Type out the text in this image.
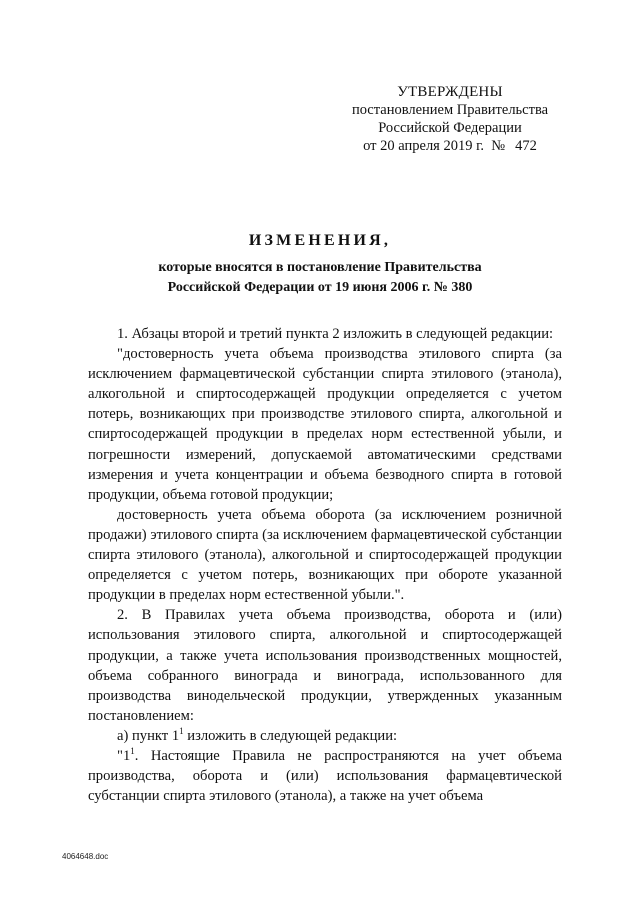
УТВЕРЖДЕНЫ
постановлением Правительства
Российской Федерации
от 20 апреля 2019 г. № 472
ИЗМЕНЕНИЯ,
которые вносятся в постановление Правительства
Российской Федерации от 19 июня 2006 г. № 380

1. Абзацы второй и третий пункта 2 изложить в следующей редакции:

"достоверность учета объема производства этилового спирта (за исключением фармацевтической субстанции спирта этилового (этанола), алкогольной и спиртосодержащей продукции определяется с учетом потерь, возникающих при производстве этилового спирта, алкогольной и спиртосодержащей продукции в пределах норм естественной убыли, и погрешности измерений, допускаемой автоматическими средствами измерения и учета концентрации и объема безводного спирта в готовой продукции, объема готовой продукции;

достоверность учета объема оборота (за исключением розничной продажи) этилового спирта (за исключением фармацевтической субстанции спирта этилового (этанола), алкогольной и спиртосодержащей продукции определяется с учетом потерь, возникающих при обороте указанной продукции в пределах норм естественной убыли.".

2. В Правилах учета объема производства, оборота и (или) использования этилового спирта, алкогольной и спиртосодержащей продукции, а также учета использования производственных мощностей, объема собранного винограда и винограда, использованного для производства винодельческой продукции, утвержденных указанным постановлением:

а) пункт $1^1$ изложить в следующей редакции:

"$1^1$. Настоящие Правила не распространяются на учет объема производства, оборота и (или) использования фармацевтической субстанции спирта этилового (этанола), а также на учет объема

4064648.doc
